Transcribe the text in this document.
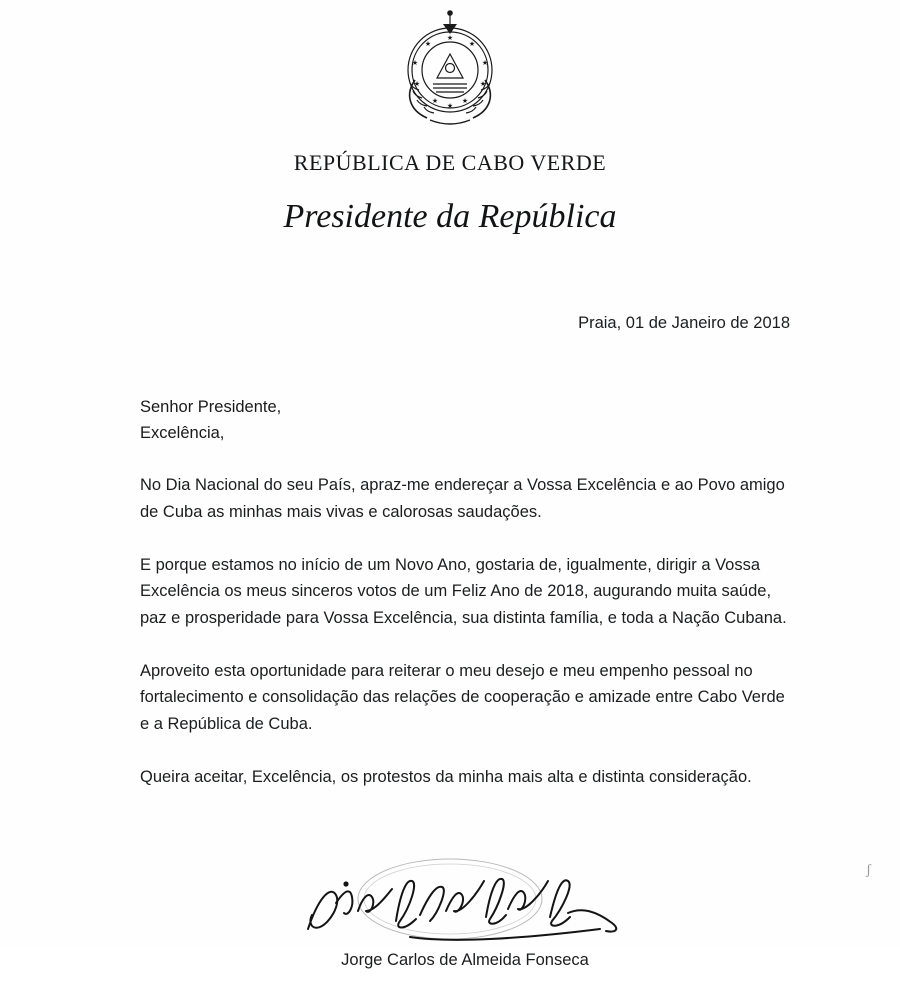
★
★	★
★	★
★	★
★	★
★
REPÚBLICA DE CABO VERDE
Presidente da República
Praia, 01 de Janeiro de 2018
Senhor Presidente,
Excelência,

No Dia Nacional do seu País, apraz-me endereçar a Vossa Excelência e ao Povo amigo de Cuba as minhas mais vivas e calorosas saudações.

E porque estamos no início de um Novo Ano, gostaria de, igualmente, dirigir a Vossa Excelência os meus sinceros votos de um Feliz Ano de 2018, augurando muita saúde, paz e prosperidade para Vossa Excelência, sua distinta família, e toda a Nação Cubana.

Aproveito esta oportunidade para reiterar o meu desejo e meu empenho pessoal no fortalecimento e consolidação das relações de cooperação e amizade entre Cabo Verde e a República de Cuba.

Queira aceitar, Excelência, os protestos da minha mais alta e distinta consideração.

Jorge Carlos de Almeida Fonseca
ʃ
